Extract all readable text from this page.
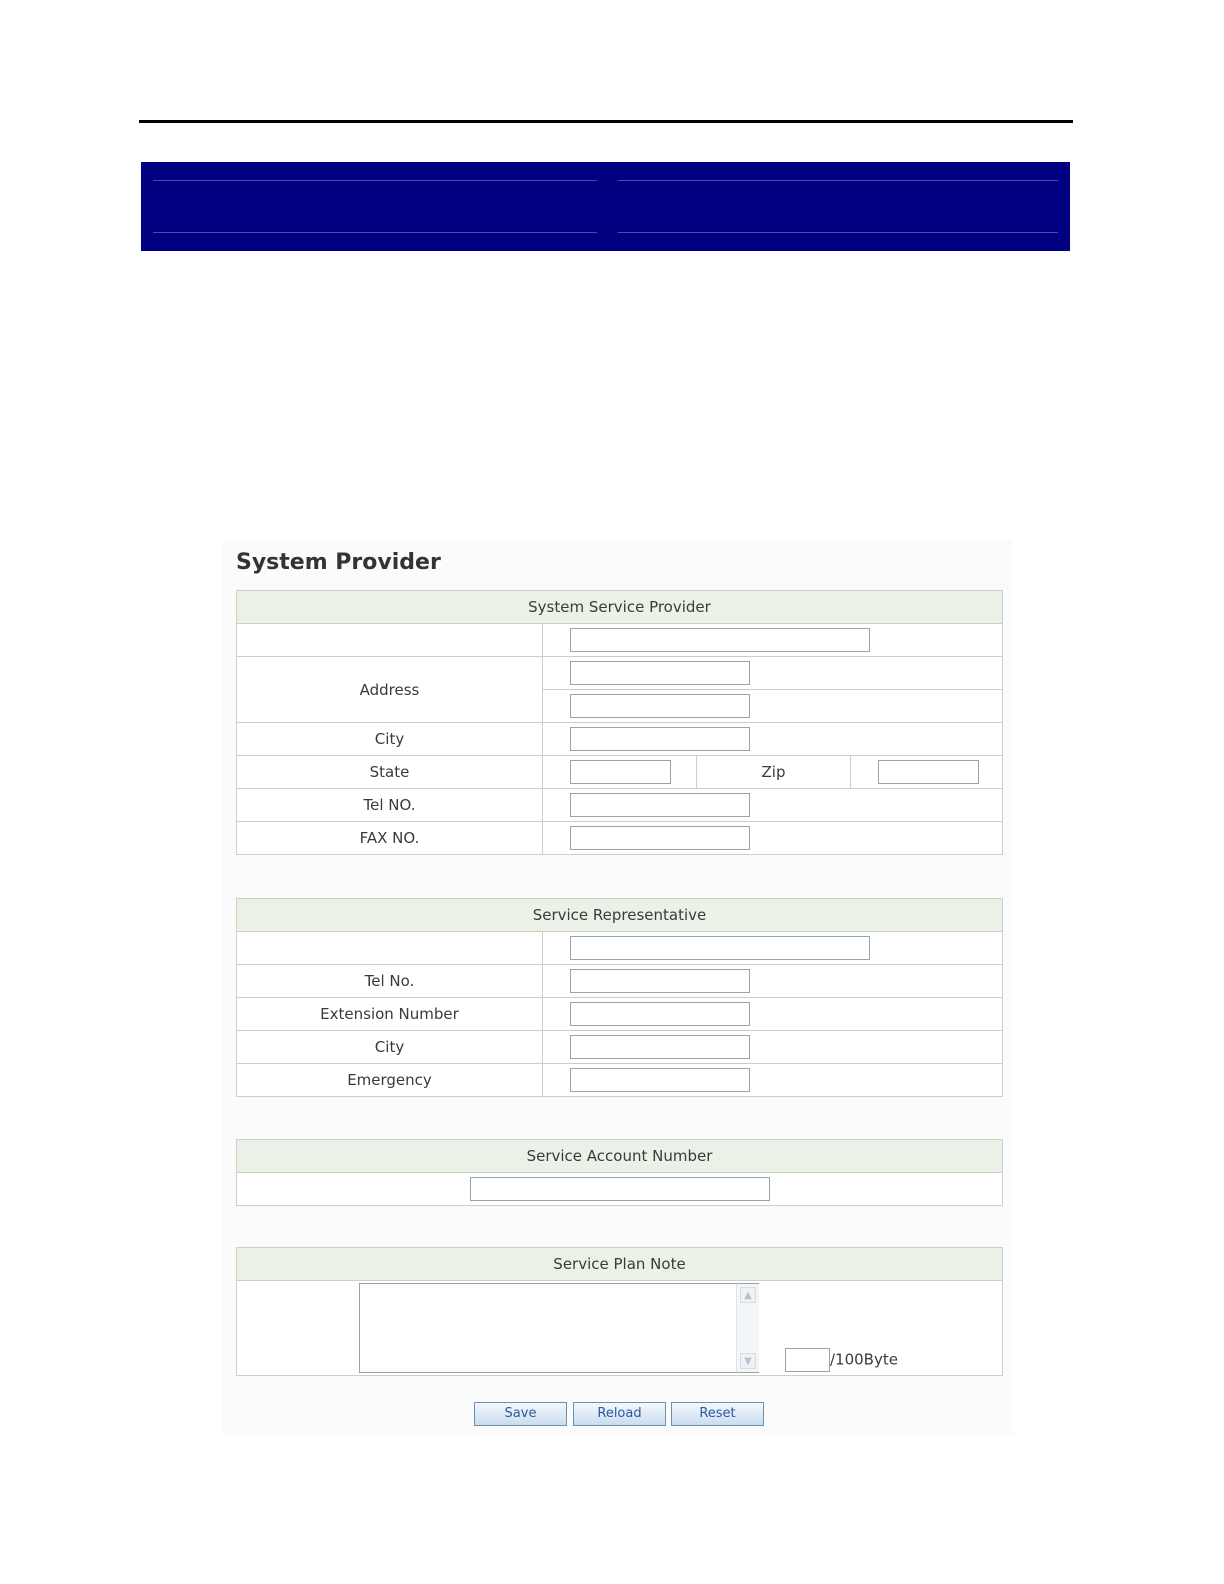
System Provider
System Service Provider			

Address	

City	
State		Zip	
Tel NO.	
FAX NO.	
Service Representative	

Tel No.	
Extension Number	
City	
Emergency	
Service Account Number

Service Plan Note

▲
▼	/100Byte
Save	Reload	Reset
